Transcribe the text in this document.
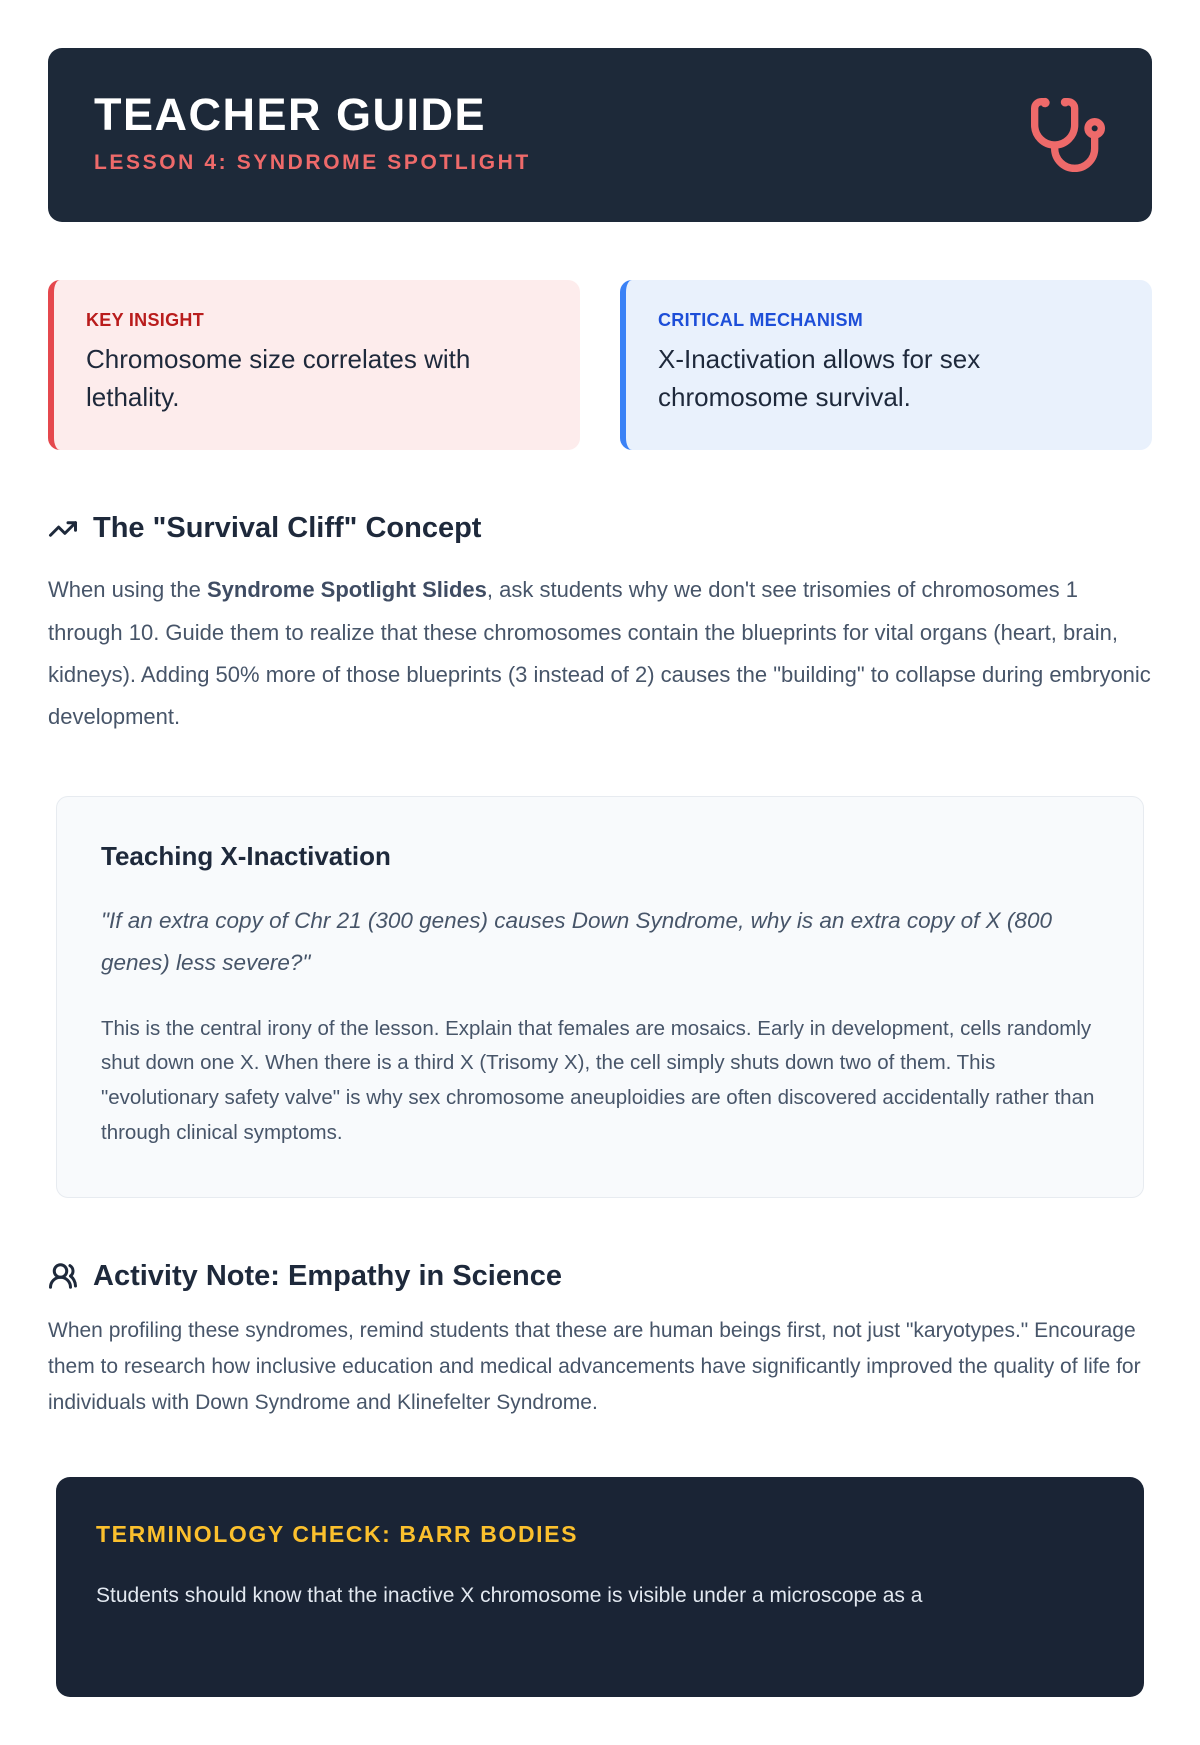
TEACHER GUIDE
LESSON 4: SYNDROME SPOTLIGHT
KEY INSIGHT
Chromosome size correlates with lethality.
CRITICAL MECHANISM
X-Inactivation allows for sex chromosome survival.
The "Survival Cliff" Concept

When using the Syndrome Spotlight Slides, ask students why we don't see trisomies of chromosomes 1 through 10. Guide them to realize that these chromosomes contain the blueprints for vital organs (heart, brain, kidneys). Adding 50% more of those blueprints (3 instead of 2) causes the "building" to collapse during embryonic development.

Teaching X-Inactivation

"If an extra copy of Chr 21 (300 genes) causes Down Syndrome, why is an extra copy of X (800 genes) less severe?"

This is the central irony of the lesson. Explain that females are mosaics. Early in development, cells randomly shut down one X. When there is a third X (Trisomy X), the cell simply shuts down two of them. This "evolutionary safety valve" is why sex chromosome aneuploidies are often discovered accidentally rather than through clinical symptoms.

Activity Note: Empathy in Science

When profiling these syndromes, remind students that these are human beings first, not just "karyotypes." Encourage them to research how inclusive education and medical advancements have significantly improved the quality of life for individuals with Down Syndrome and Klinefelter Syndrome.

TERMINOLOGY CHECK: BARR BODIES

Students should know that the inactive X chromosome is visible under a microscope as a
